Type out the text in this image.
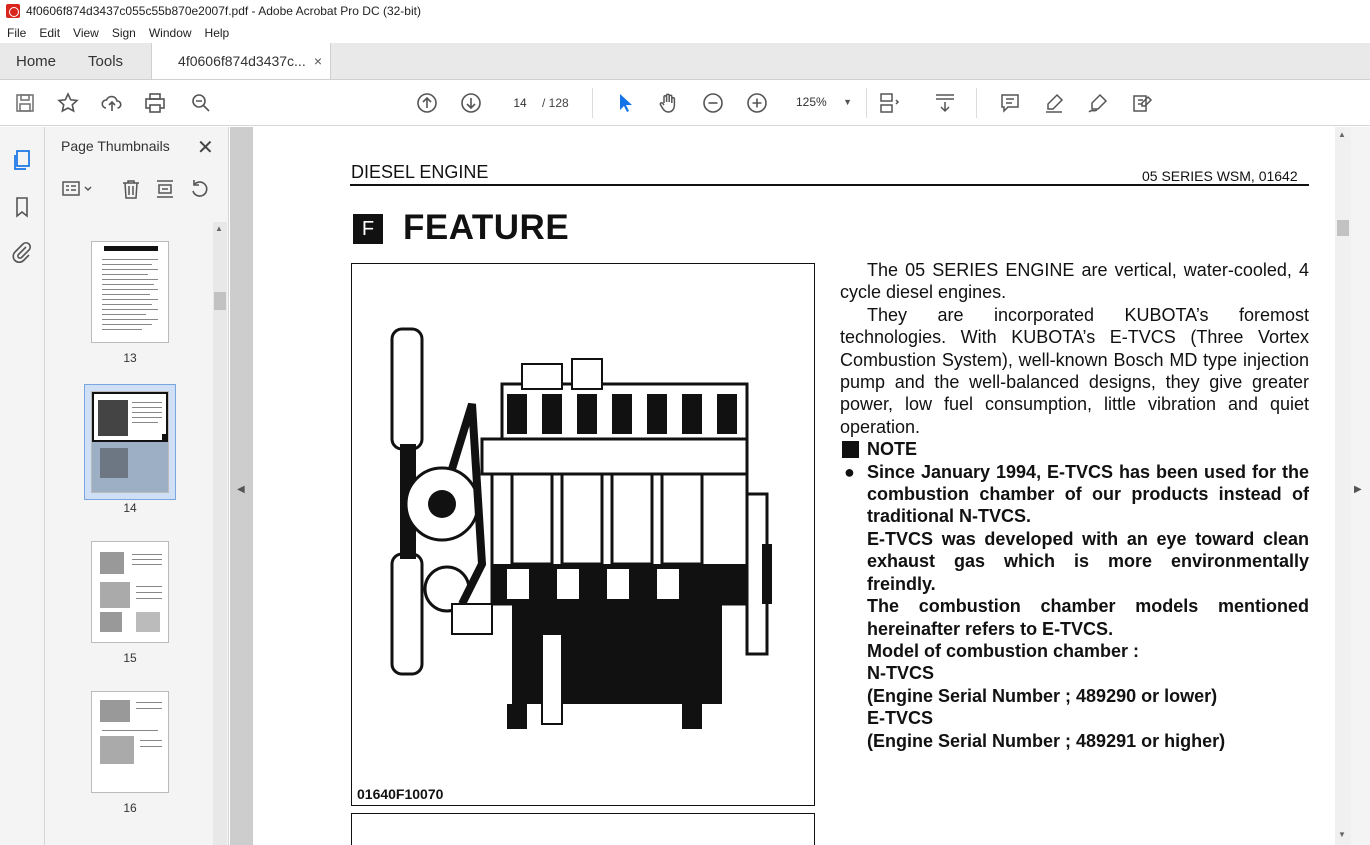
4f0606f874d3437c055c55b870e2007f.pdf - Adobe Acrobat Pro DC (32-bit)
File Edit View Sign Window Help
Home	Tools	4f0606f874d3437c... ×
14	/ 128	125% ▼
Page Thumbnails ✕
▲
13
14
15
16
◀
DIESEL ENGINE	05 SERIES WSM, 01642
F FEATURE
01640F10070

The 05 SERIES ENGINE are vertical, water-cooled, 4 cycle diesel engines.

They are incorporated KUBOTA’s foremost technologies. With KUBOTA’s E-TVCS (Three Vortex Combustion System), well-known Bosch MD type injection pump and the well-balanced designs, they give greater power, low fuel consumption, little vibration and quiet operation.

NOTE
● Since January 1994, E-TVCS has been used for the combustion chamber of our products instead of traditional N-TVCS.
E-TVCS was developed with an eye toward clean exhaust gas which is more environmentally freindly.
The combustion chamber models mentioned hereinafter refers to E-TVCS.
Model of combustion chamber :
N-TVCS
(Engine Serial Number ; 489290 or lower)
E-TVCS
(Engine Serial Number ; 489291 or higher)
▲
▼
▶
